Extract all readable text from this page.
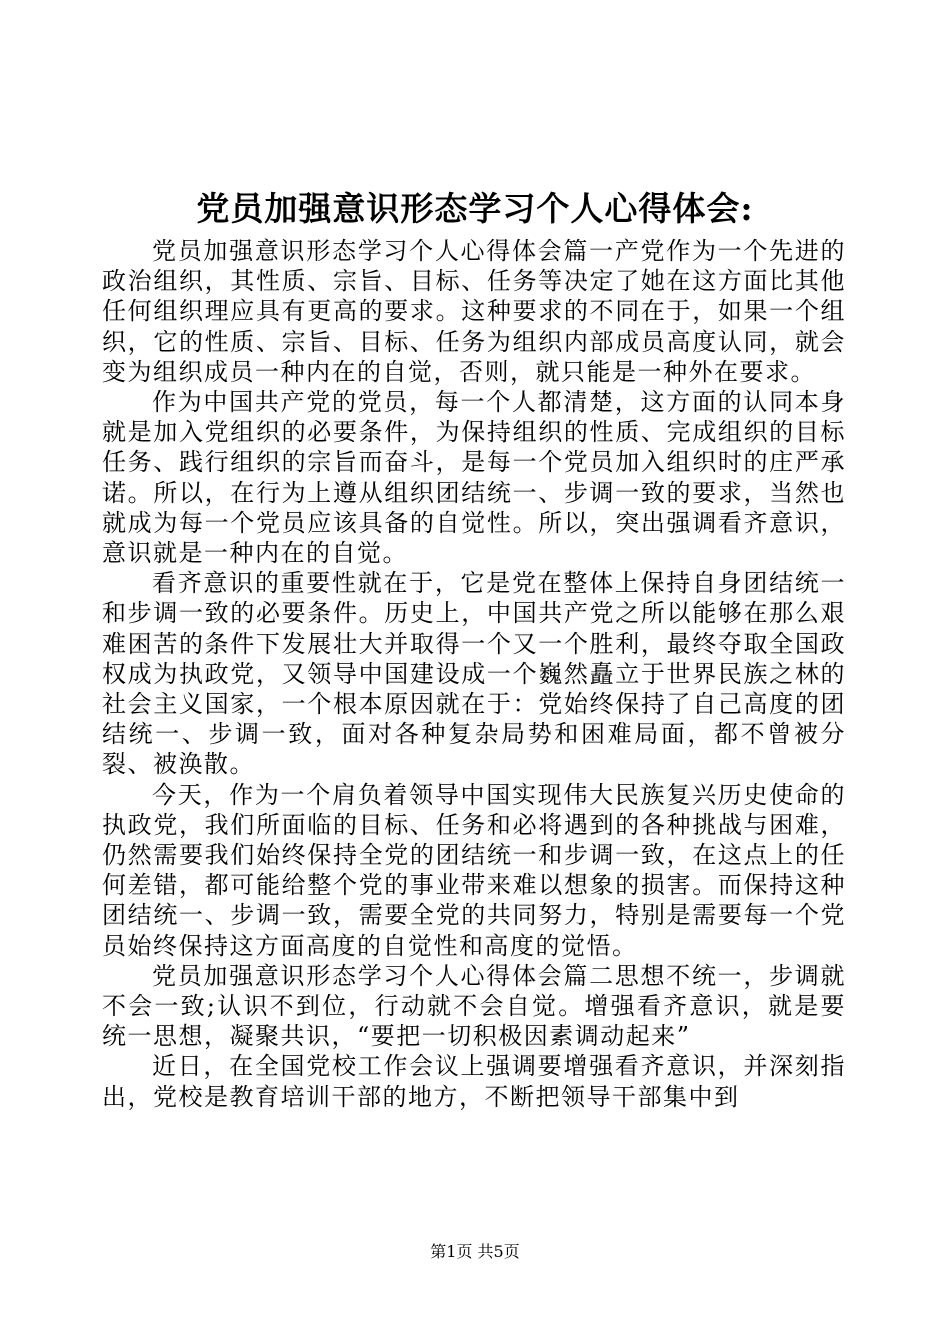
党员加强意识形态学习个人心得体会:

党员加强意识形态学习个人心得体会篇一产党作为一个先进的政治组织，其性质、宗旨、目标、任务等决定了她在这方面比其他任何组织理应具有更高的要求。这种要求的不同在于，如果一个组织，它的性质、宗旨、目标、任务为组织内部成员高度认同，就会变为组织成员一种内在的自觉，否则，就只能是一种外在要求。

作为中国共产党的党员，每一个人都清楚，这方面的认同本身就是加入党组织的必要条件，为保持组织的性质、完成组织的目标任务、践行组织的宗旨而奋斗，是每一个党员加入组织时的庄严承诺。所以，在行为上遵从组织团结统一、步调一致的要求，当然也就成为每一个党员应该具备的自觉性。所以，突出强调看齐意识，意识就是一种内在的自觉。

看齐意识的重要性就在于，它是党在整体上保持自身团结统一和步调一致的必要条件。历史上，中国共产党之所以能够在那么艰难困苦的条件下发展壮大并取得一个又一个胜利，最终夺取全国政权成为执政党，又领导中国建设成一个巍然矗立于世界民族之林的社会主义国家，一个根本原因就在于：党始终保持了自己高度的团结统一、步调一致，面对各种复杂局势和困难局面，都不曾被分裂、被涣散。

今天，作为一个肩负着领导中国实现伟大民族复兴历史使命的执政党，我们所面临的目标、任务和必将遇到的各种挑战与困难，仍然需要我们始终保持全党的团结统一和步调一致，在这点上的任何差错，都可能给整个党的事业带来难以想象的损害。而保持这种团结统一、步调一致，需要全党的共同努力，特别是需要每一个党员始终保持这方面高度的自觉性和高度的觉悟。

党员加强意识形态学习个人心得体会篇二思想不统一，步调就不会一致;认识不到位，行动就不会自觉。增强看齐意识，就是要统一思想，凝聚共识，“要把一切积极因素调动起来”

近日，在全国党校工作会议上强调要增强看齐意识，并深刻指出，党校是教育培训干部的地方，不断把领导干部集中到

第1页 共5页
